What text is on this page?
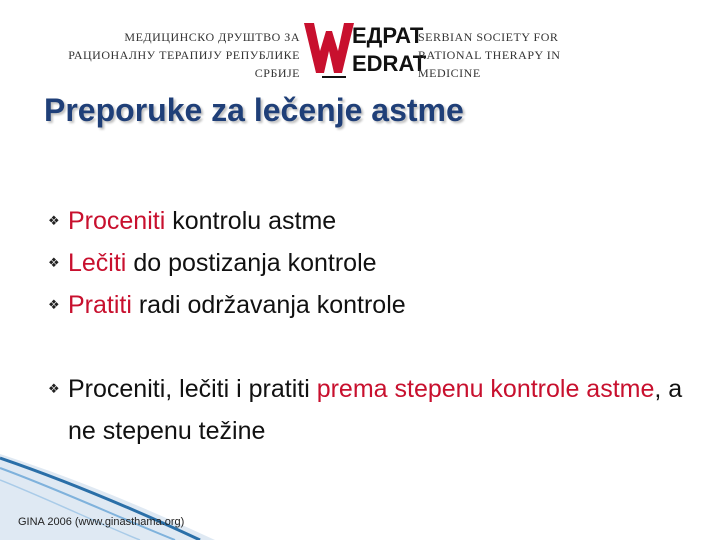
МЕДИЦИНСКО ДРУШТВО ЗА
РАЦИОНАЛНУ ТЕРАПИЈУ РЕПУБЛИКЕ СРБИЈЕ
ЕДРАТ
EDRAT
SERBIAN SOCIETY FOR
RATIONAL THERAPY IN MEDICINE
Preporuke za lečenje astme
❖ Proceniti kontrolu astme
❖ Lečiti do postizanja kontrole
❖ Pratiti radi održavanja kontrole
❖ Proceniti, lečiti i pratiti prema stepenu kontrole astme, a ne stepenu težine
GINA 2006 (www.ginasthama.org)
